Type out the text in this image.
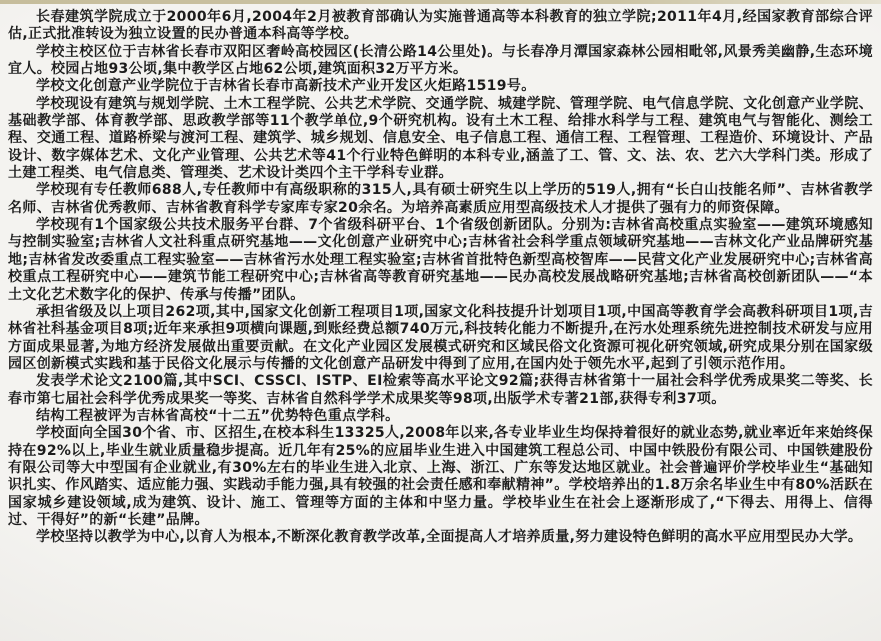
长春建筑学院成立于2000年6月,2004年2月被教育部确认为实施普通高等本科教育的独立学院;2011年4月,经国家教育部综合评估,正式批准转设为独立设置的民办普通本科高等学校。

学校主校区位于吉林省长春市双阳区奢岭高校园区(长清公路14公里处)。与长春净月潭国家森林公园相毗邻,风景秀美幽静,生态环境宜人。校园占地93公顷,集中教学区占地62公顷,建筑面积32万平方米。

学校文化创意产业学院位于吉林省长春市高新技术产业开发区火炬路1519号。

学校现设有建筑与规划学院、土木工程学院、公共艺术学院、交通学院、城建学院、管理学院、电气信息学院、文化创意产业学院、基础教学部、体育教学部、思政教学部等11个教学单位,9个研究机构。设有土木工程、给排水科学与工程、建筑电气与智能化、测绘工程、交通工程、道路桥梁与渡河工程、建筑学、城乡规划、信息安全、电子信息工程、通信工程、工程管理、工程造价、环境设计、产品设计、数字媒体艺术、文化产业管理、公共艺术等41个行业特色鲜明的本科专业,涵盖了工、管、文、法、农、艺六大学科门类。形成了土建工程类、电气信息类、管理类、艺术设计类四个主干学科专业群。

学校现有专任教师688人,专任教师中有高级职称的315人,具有硕士研究生以上学历的519人,拥有“长白山技能名师”、吉林省教学名师、吉林省优秀教师、吉林省教育科学专家库专家20余名。为培养高素质应用型高级技术人才提供了强有力的师资保障。

学校现有1个国家级公共技术服务平台群、7个省级科研平台、1个省级创新团队。分别为:吉林省高校重点实验室——建筑环境感知与控制实验室;吉林省人文社科重点研究基地——文化创意产业研究中心;吉林省社会科学重点领域研究基地——吉林文化产业品牌研究基地;吉林省发改委重点工程实验室——吉林省污水处理工程实验室;吉林省首批特色新型高校智库——民营文化产业发展研究中心;吉林省高校重点工程研究中心——建筑节能工程研究中心;吉林省高等教育研究基地——民办高校发展战略研究基地;吉林省高校创新团队——“本土文化艺术数字化的保护、传承与传播”团队。

承担省级及以上项目262项,其中,国家文化创新工程项目1项,国家文化科技提升计划项目1项,中国高等教育学会高教科研项目1项,吉林省社科基金项目8项;近年来承担9项横向课题,到账经费总额740万元,科技转化能力不断提升,在污水处理系统先进控制技术研发与应用方面成果显著,为地方经济发展做出重要贡献。在文化产业园区发展模式研究和区域民俗文化资源可视化研究领域,研究成果分别在国家级园区创新模式实践和基于民俗文化展示与传播的文化创意产品研发中得到了应用,在国内处于领先水平,起到了引领示范作用。

发表学术论文2100篇,其中SCI、CSSCI、ISTP、EI检索等高水平论文92篇;获得吉林省第十一届社会科学优秀成果奖二等奖、长春市第七届社会科学优秀成果奖一等奖、吉林省自然科学学术成果奖等98项,出版学术专著21部,获得专利37项。

结构工程被评为吉林省高校“十二五”优势特色重点学科。

学校面向全国30个省、市、区招生,在校本科生13325人,2008年以来,各专业毕业生均保持着很好的就业态势,就业率近年来始终保持在92%以上,毕业生就业质量稳步提高。近几年有25%的应届毕业生进入中国建筑工程总公司、中国中铁股份有限公司、中国铁建股份有限公司等大中型国有企业就业,有30%左右的毕业生进入北京、上海、浙江、广东等发达地区就业。社会普遍评价学校毕业生“基础知识扎实、作风踏实、适应能力强、实践动手能力强,具有较强的社会责任感和奉献精神”。学校培养出的1.8万余名毕业生中有80%活跃在国家城乡建设领域,成为建筑、设计、施工、管理等方面的主体和中坚力量。学校毕业生在社会上逐渐形成了,“下得去、用得上、信得过、干得好”的新“长建”品牌。

学校坚持以教学为中心,以育人为根本,不断深化教育教学改革,全面提高人才培养质量,努力建设特色鲜明的高水平应用型民办大学。
